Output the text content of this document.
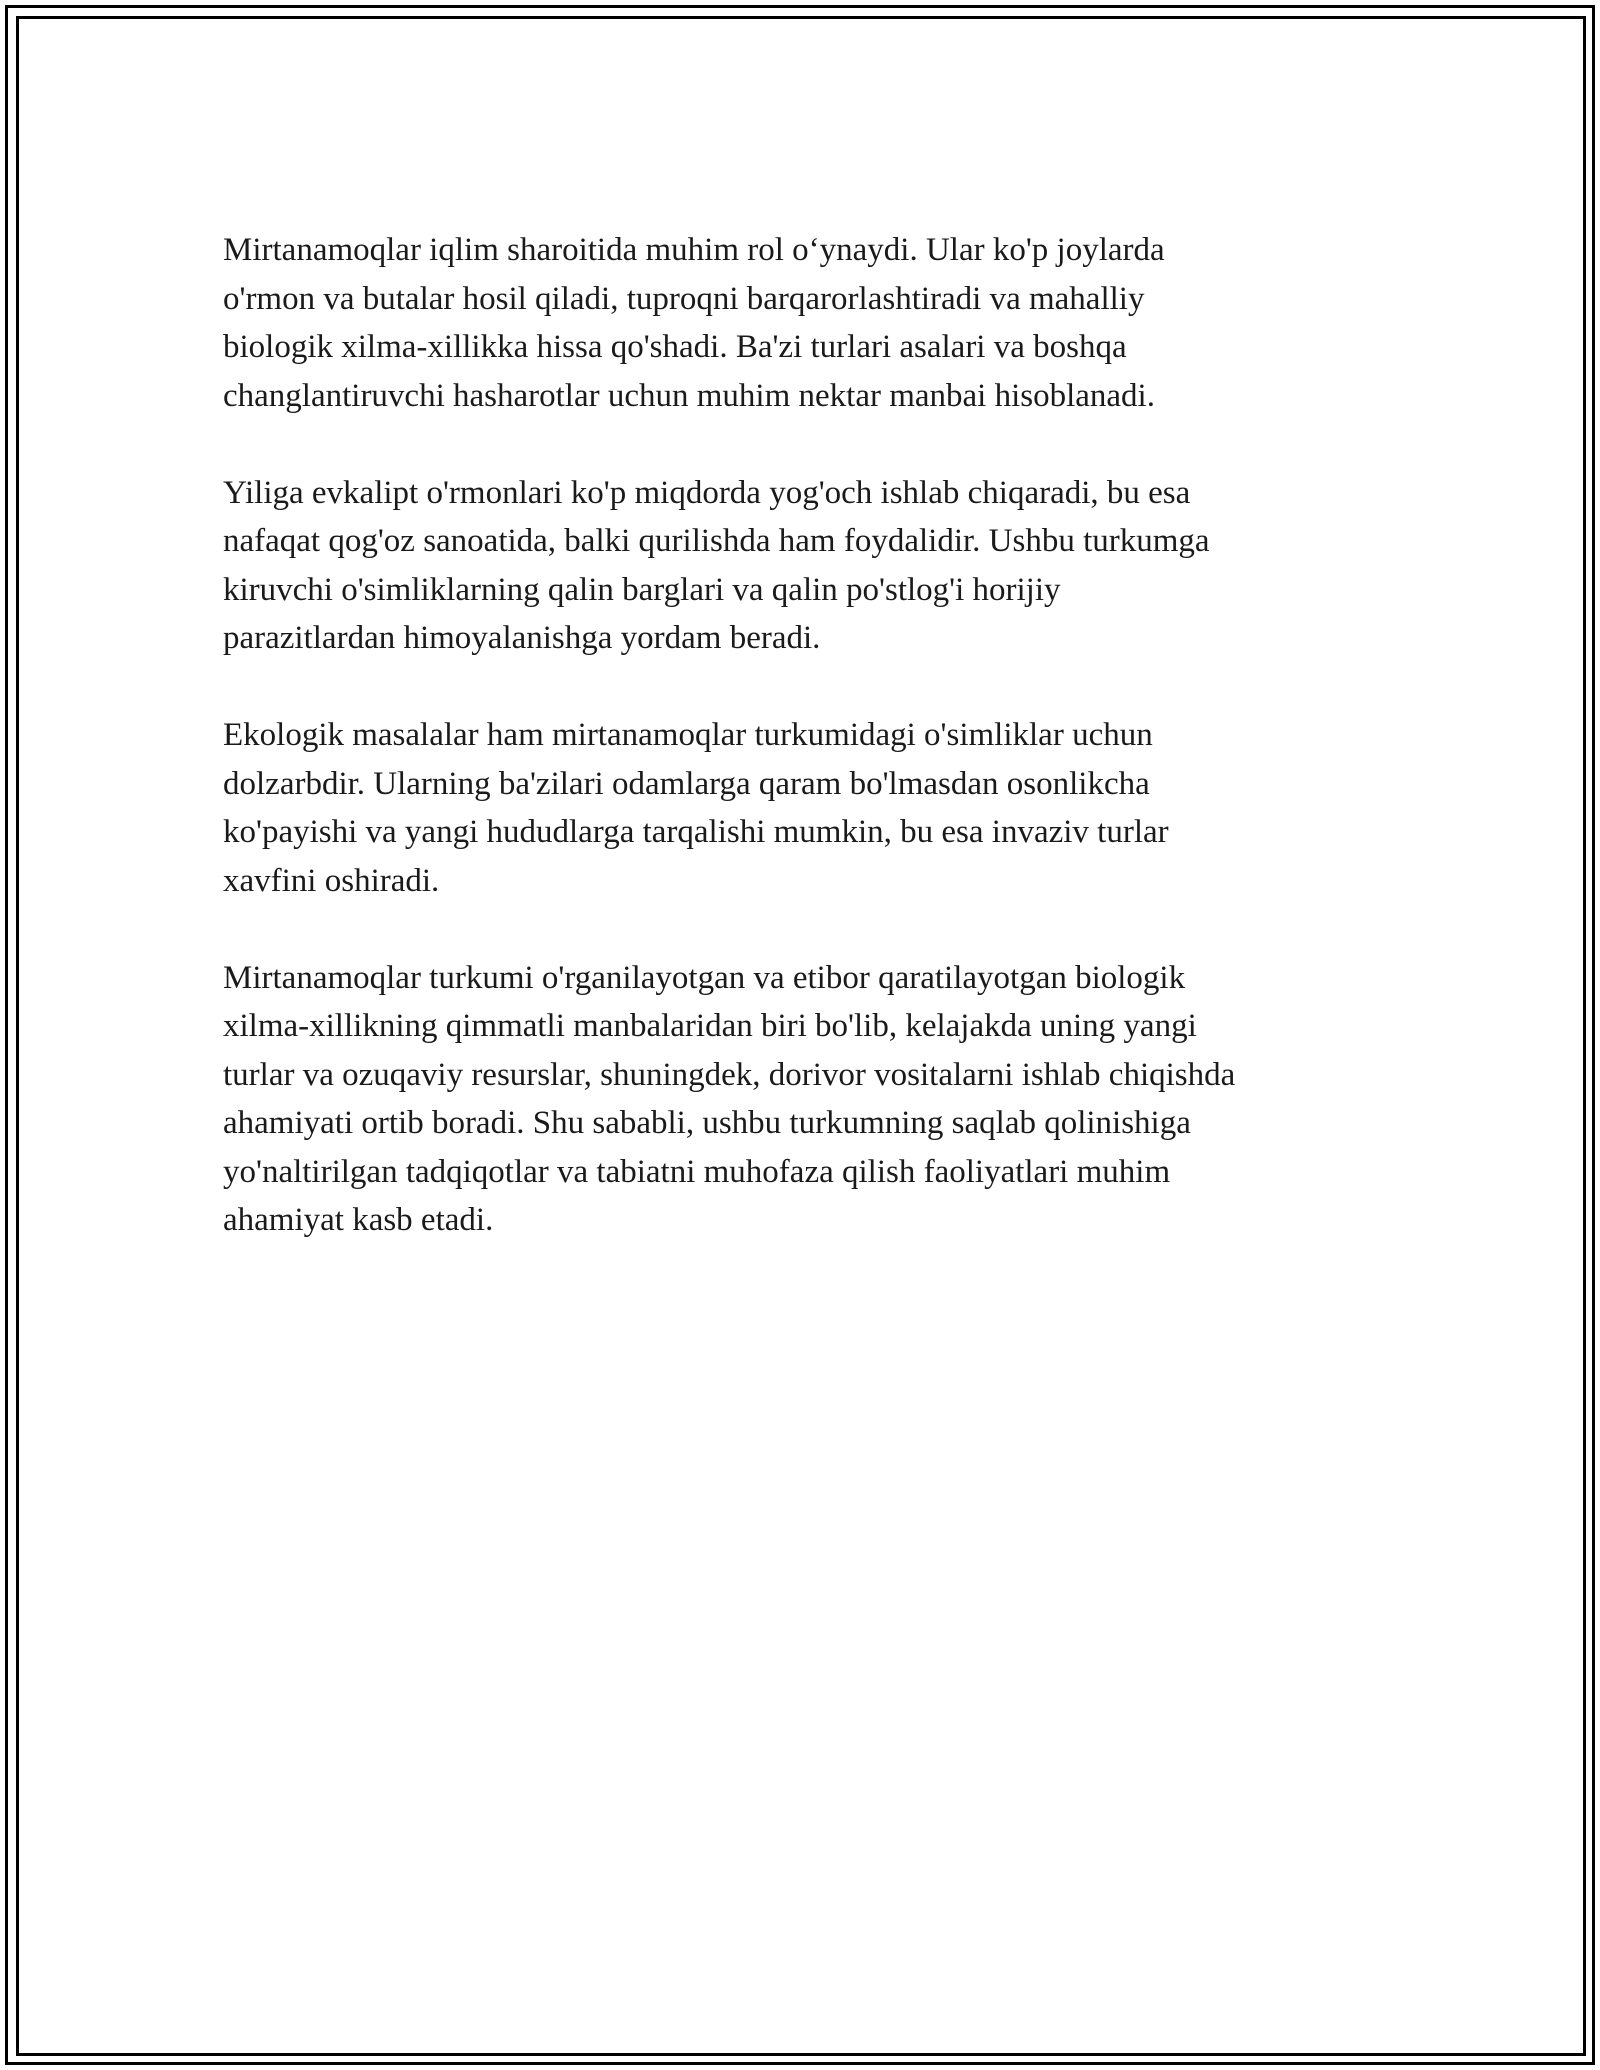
Mirtanamoqlar iqlim sharoitida muhim rol oʻynaydi. Ular ko'p joylarda
o'rmon va butalar hosil qiladi, tuproqni barqarorlashtiradi va mahalliy
biologik xilma-xillikka hissa qo'shadi. Ba'zi turlari asalari va boshqa
changlantiruvchi hasharotlar uchun muhim nektar manbai hisoblanadi.

Yiliga evkalipt o'rmonlari ko'p miqdorda yog'och ishlab chiqaradi, bu esa
nafaqat qog'oz sanoatida, balki qurilishda ham foydalidir. Ushbu turkumga
kiruvchi o'simliklarning qalin barglari va qalin po'stlog'i horijiy
parazitlardan himoyalanishga yordam beradi.

Ekologik masalalar ham mirtanamoqlar turkumidagi o'simliklar uchun
dolzarbdir. Ularning ba'zilari odamlarga qaram bo'lmasdan osonlikcha
ko'payishi va yangi hududlarga tarqalishi mumkin, bu esa invaziv turlar
xavfini oshiradi.

Mirtanamoqlar turkumi o'rganilayotgan va etibor qaratilayotgan biologik
xilma-xillikning qimmatli manbalaridan biri bo'lib, kelajakda uning yangi
turlar va ozuqaviy resurslar, shuningdek, dorivor vositalarni ishlab chiqishda
ahamiyati ortib boradi. Shu sababli, ushbu turkumning saqlab qolinishiga
yo'naltirilgan tadqiqotlar va tabiatni muhofaza qilish faoliyatlari muhim
ahamiyat kasb etadi.
